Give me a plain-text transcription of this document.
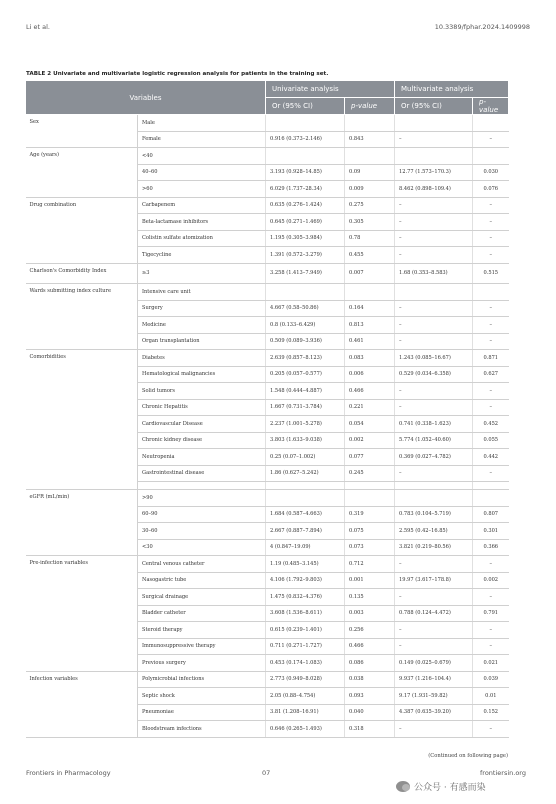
Li et al.	10.3389/fphar.2024.1409998
TABLE 2 Univariate and multivariate logistic regression analysis for patients in the training set.
Variables		Univariate analysis		Multivariate analysis	
		Or (95% CI)	p-value	Or (95% CI)	p-value
Sex	Male				
	Female	0.916 (0.373–2.146)	0.843	–	–
Age (years)	<40				
	40–60	3.193 (0.928–14.85)	0.09	12.77 (1.573–170.3)	0.030
	>60	6.029 (1.737–28.34)	0.009	8.462 (0.898–109.4)	0.076
Drug combination	Carbapenem	0.635 (0.276–1.424)	0.275	–	–
	Beta-lactamase inhibitors	0.645 (0.271–1.469)	0.305	–	–
	Colistin sulfate atomization	1.195 (0.305–3.984)	0.78	–	–
	Tigecycline	1.391 (0.572–3.279)	0.455	–	–
Charlson's Comorbidity Index	≥3	3.258 (1.413–7.949)	0.007	1.68 (0.353–8.583)	0.515
Wards submitting index culture	Intensive care unit				
	Surgery	4.667 (0.58–50.86)	0.164	–	–
	Medicine	0.8 (0.133–6.429)	0.813	–	–
	Organ transplantation	0.509 (0.089–3.936)	0.461	–	–
Comorbidities	Diabetes	2.639 (0.857–8.123)	0.083	1.243 (0.085–16.67)	0.871
	Hematological malignancies	0.205 (0.057–0.577)	0.006	0.529 (0.034–6.358)	0.627
	Solid tumors	1.548 (0.444–4.887)	0.466	–	–
	Chronic Hepatitis	1.667 (0.731–3.784)	0.221	–	–
	Cardiovascular Disease	2.237 (1.001–5.278)	0.054	0.741 (0.338–1.623)	0.452
	Chronic kidney disease	3.803 (1.633–9.038)	0.002	5.774 (1.052–40.60)	0.055
	Neutropenia	0.25 (0.07–1.002)	0.077	0.369 (0.027–4.782)	0.442
	Gastrointestinal disease	1.86 (0.627–5.242)	0.245	–	–

eGFR (mL/min)	>90				
	60–90	1.684 (0.587–4.663)	0.319	0.783 (0.104–5.719)	0.807
	30–60	2.667 (0.887–7.894)	0.075	2.595 (0.42–16.85)	0.301
	<30	4 (0.847–19.09)	0.073	3.821 (0.219–80.56)	0.366
Pre-infection variables	Central venous catheter	1.19 (0.485–3.145)	0.712	–	–
	Nasogastric tube	4.106 (1.792–9.803)	0.001	19.97 (3.617–178.8)	0.002
	Surgical drainage	1.475 (0.832–4.376)	0.135	–	–
	Bladder catheter	3.608 (1.536–8.611)	0.003	0.788 (0.124–4.472)	0.791
	Steroid therapy	0.615 (0.239–1.401)	0.256	–	–
	Immunosuppressive therapy	0.711 (0.271–1.727)	0.466	–	–
	Previous surgery	0.453 (0.174–1.083)	0.086	0.149 (0.025–0.679)	0.021
Infection variables	Polymicrobial infections	2.773 (0.949–8.028)	0.038	9.937 (1.216–104.4)	0.039
	Septic shock	2.05 (0.88–4.754)	0.093	9.17 (1.931–59.82)	0.01
	Pneumoniae	3.81 (1.208–16.91)	0.040	4.387 (0.635–39.20)	0.152
	Bloodstream infections	0.646 (0.265–1.493)	0.318	–	–
(Continued on following page)
Frontiers in Pharmacology	07	frontiersin.org
公众号 · 有感而染
